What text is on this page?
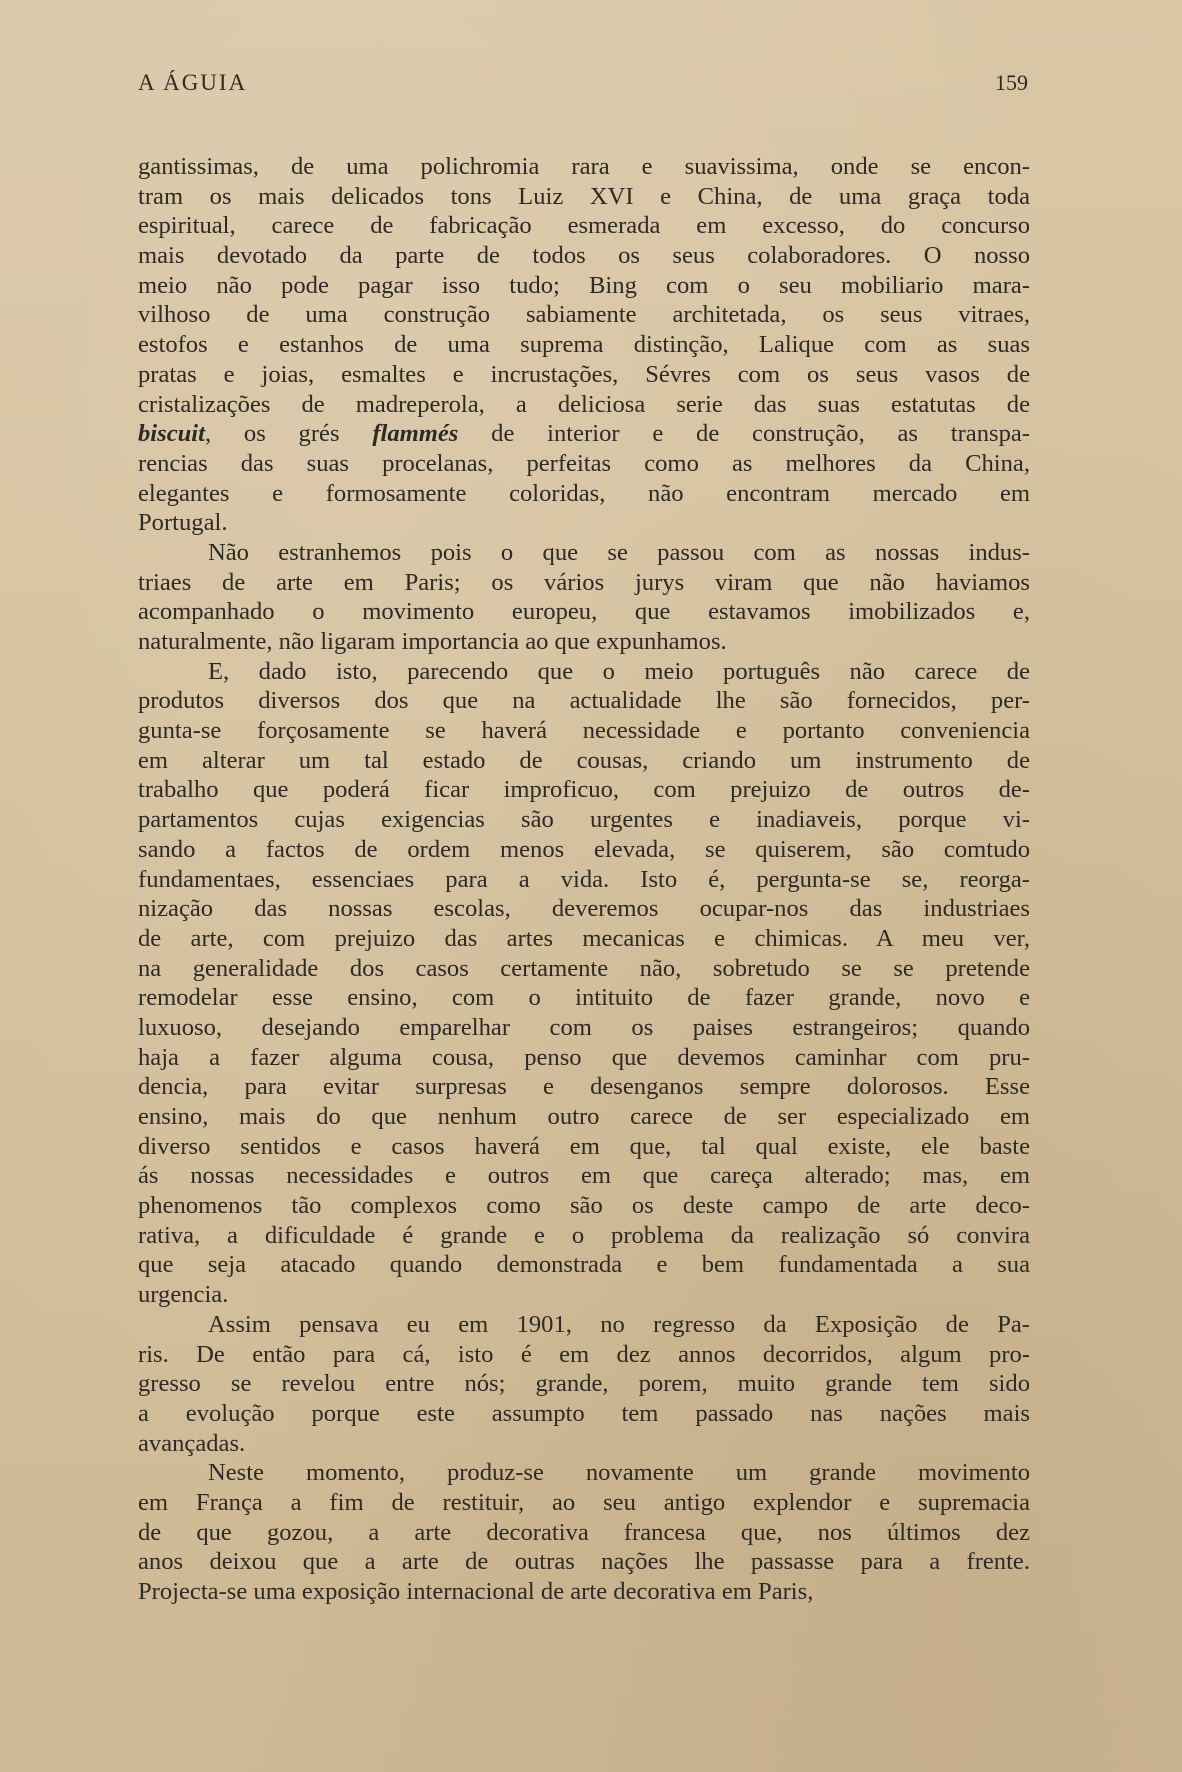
A ÁGUIA	159
gantissimas, de uma polichromia rara e suavissima, onde se encon-
tram os mais delicados tons Luiz XVI e China, de uma graça toda
espiritual, carece de fabricação esmerada em excesso, do concurso
mais devotado da parte de todos os seus colaboradores. O nosso
meio não pode pagar isso tudo; Bing com o seu mobiliario mara-
vilhoso de uma construção sabiamente architetada, os seus vitraes,
estofos e estanhos de uma suprema distinção, Lalique com as suas
pratas e joias, esmaltes e incrustações, Sévres com os seus vasos de
cristalizações de madreperola, a deliciosa serie das suas estatutas de
biscuit, os grés flammés de interior e de construção, as transpa-
rencias das suas procelanas, perfeitas como as melhores da China,
elegantes e formosamente coloridas, não encontram mercado em
Portugal.
Não estranhemos pois o que se passou com as nossas indus-
triaes de arte em Paris; os vários jurys viram que não haviamos
acompanhado o movimento europeu, que estavamos imobilizados e,
naturalmente, não ligaram importancia ao que expunhamos.
E, dado isto, parecendo que o meio português não carece de
produtos diversos dos que na actualidade lhe são fornecidos, per-
gunta-se forçosamente se haverá necessidade e portanto conveniencia
em alterar um tal estado de cousas, criando um instrumento de
trabalho que poderá ficar improficuo, com prejuizo de outros de-
partamentos cujas exigencias são urgentes e inadiaveis, porque vi-
sando a factos de ordem menos elevada, se quiserem, são comtudo
fundamentaes, essenciaes para a vida. Isto é, pergunta-se se, reorga-
nização das nossas escolas, deveremos ocupar-nos das industriaes
de arte, com prejuizo das artes mecanicas e chimicas. A meu ver,
na generalidade dos casos certamente não, sobretudo se se pretende
remodelar esse ensino, com o intituito de fazer grande, novo e
luxuoso, desejando emparelhar com os paises estrangeiros; quando
haja a fazer alguma cousa, penso que devemos caminhar com pru-
dencia, para evitar surpresas e desenganos sempre dolorosos. Esse
ensino, mais do que nenhum outro carece de ser especializado em
diverso sentidos e casos haverá em que, tal qual existe, ele baste
ás nossas necessidades e outros em que careça alterado; mas, em
phenomenos tão complexos como são os deste campo de arte deco-
rativa, a dificuldade é grande e o problema da realização só convira
que seja atacado quando demonstrada e bem fundamentada a sua
urgencia.
Assim pensava eu em 1901, no regresso da Exposição de Pa-
ris. De então para cá, isto é em dez annos decorridos, algum pro-
gresso se revelou entre nós; grande, porem, muito grande tem sido
a evolução porque este assumpto tem passado nas nações mais
avançadas.
Neste momento, produz-se novamente um grande movimento
em França a fim de restituir, ao seu antigo explendor e supremacia
de que gozou, a arte decorativa francesa que, nos últimos dez
anos deixou que a arte de outras nações lhe passasse para a frente.
Projecta-se uma exposição internacional de arte decorativa em Paris,
